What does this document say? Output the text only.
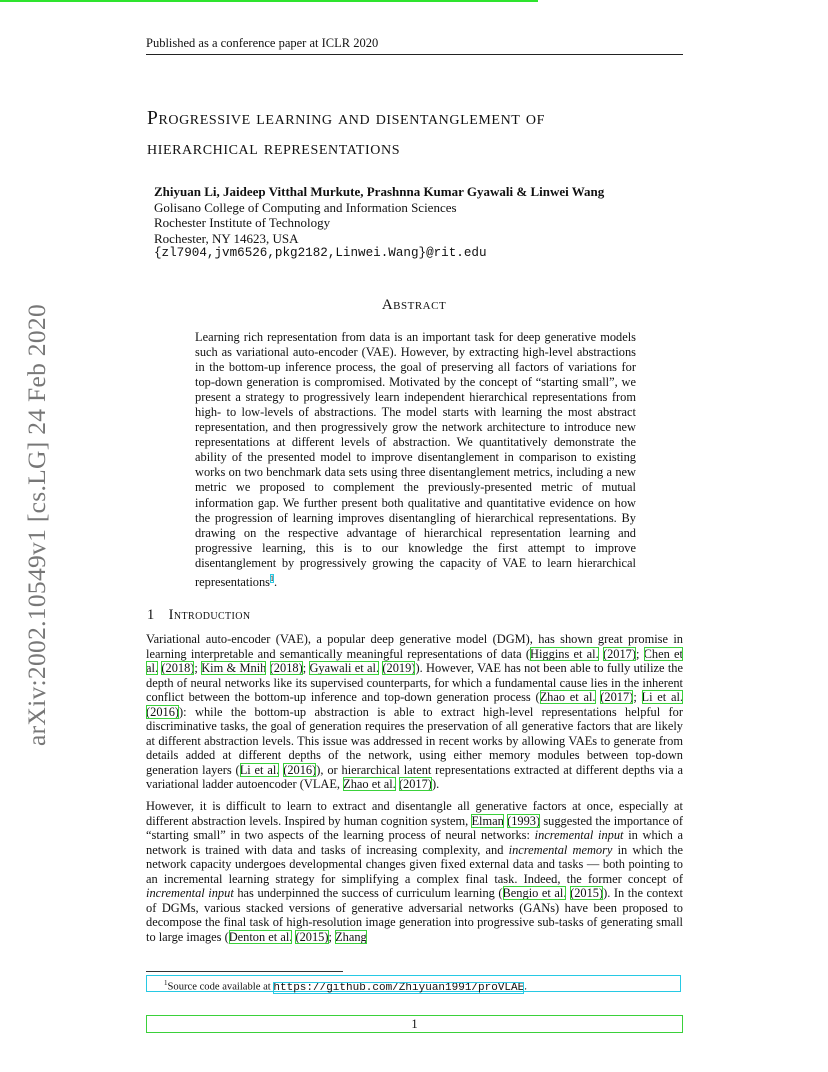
Published as a conference paper at ICLR 2020
arXiv:2002.10549v1 [cs.LG] 24 Feb 2020
Progressive learning and disentanglement of
hierarchical representations
Zhiyuan Li, Jaideep Vitthal Murkute, Prashnna Kumar Gyawali & Linwei Wang
Golisano College of Computing and Information Sciences
Rochester Institute of Technology
Rochester, NY 14623, USA
{zl7904,jvm6526,pkg2182,Linwei.Wang}@rit.edu
Abstract
Learning rich representation from data is an important task for deep generative models such as variational auto-encoder (VAE). However, by extracting high-level abstractions in the bottom-up inference process, the goal of preserving all factors of variations for top-down generation is compromised. Motivated by the concept of “starting small”, we present a strategy to progressively learn independent hierarchical representations from high- to low-levels of abstractions. The model starts with learning the most abstract representation, and then progressively grow the network architecture to introduce new representations at different levels of abstraction. We quantitatively demonstrate the ability of the presented model to improve disentanglement in comparison to existing works on two benchmark data sets using three disentanglement metrics, including a new metric we proposed to complement the previously-presented metric of mutual information gap. We further present both qualitative and quantitative evidence on how the progression of learning improves disentangling of hierarchical representations. By drawing on the respective advantage of hierarchical representation learning and progressive learning, this is to our knowledge the first attempt to improve disentanglement by progressively growing the capacity of VAE to learn hierarchical representations$^1$.
1 Introduction

Variational auto-encoder (VAE), a popular deep generative model (DGM), has shown great promise in learning interpretable and semantically meaningful representations of data (Higgins et al. (2017); Chen et al. (2018); Kim & Mnih (2018); Gyawali et al. (2019)). However, VAE has not been able to fully utilize the depth of neural networks like its supervised counterparts, for which a fundamental cause lies in the inherent conflict between the bottom-up inference and top-down generation process (Zhao et al. (2017); Li et al. (2016)): while the bottom-up abstraction is able to extract high-level representations helpful for discriminative tasks, the goal of generation requires the preservation of all generative factors that are likely at different abstraction levels. This issue was addressed in recent works by allowing VAEs to generate from details added at different depths of the network, using either memory modules between top-down generation layers (Li et al. (2016)), or hierarchical latent representations extracted at different depths via a variational ladder autoencoder (VLAE, Zhao et al. (2017)).

However, it is difficult to learn to extract and disentangle all generative factors at once, especially at different abstraction levels. Inspired by human cognition system, Elman (1993) suggested the importance of “starting small” in two aspects of the learning process of neural networks: incremental input in which a network is trained with data and tasks of increasing complexity, and incremental memory in which the network capacity undergoes developmental changes given fixed external data and tasks — both pointing to an incremental learning strategy for simplifying a complex final task. Indeed, the former concept of incremental input has underpinned the success of curriculum learning (Bengio et al. (2015)). In the context of DGMs, various stacked versions of generative adversarial networks (GANs) have been proposed to decompose the final task of high-resolution image generation into progressive sub-tasks of generating small to large images (Denton et al. (2015); Zhang

$^1$Source code available at https://github.com/Zhiyuan1991/proVLAE.
1
